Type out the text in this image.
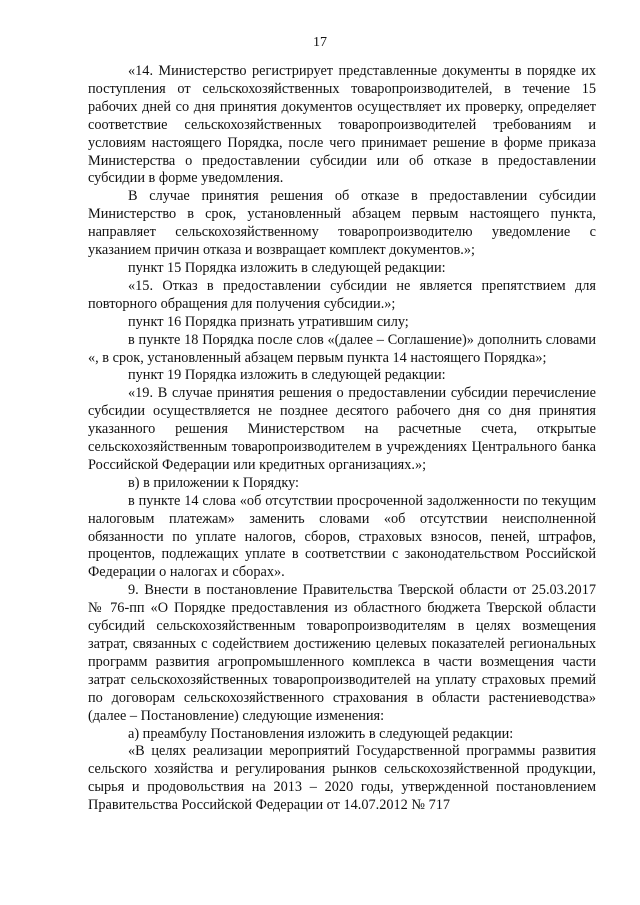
17

«14. Министерство регистрирует представленные документы в порядке их поступления от сельскохозяйственных товаропроизводителей, в течение 15 рабочих дней со дня принятия документов осуществляет их проверку, определяет соответствие сельскохозяйственных товаропроизводителей требованиям и условиям настоящего Порядка, после чего принимает решение в форме приказа Министерства о предоставлении субсидии или об отказе в предоставлении субсидии в форме уведомления.

В случае принятия решения об отказе в предоставлении субсидии Министерство в срок, установленный абзацем первым настоящего пункта, направляет сельскохозяйственному товаропроизводителю уведомление с указанием причин отказа и возвращает комплект документов.»;

пункт 15 Порядка изложить в следующей редакции:

«15. Отказ в предоставлении субсидии не является препятствием для повторного обращения для получения субсидии.»;

пункт 16 Порядка признать утратившим силу;

в пункте 18 Порядка после слов «(далее – Соглашение)» дополнить словами «, в срок, установленный абзацем первым пункта 14 настоящего Порядка»;

пункт 19 Порядка изложить в следующей редакции:

«19. В случае принятия решения о предоставлении субсидии перечисление субсидии осуществляется не позднее десятого рабочего дня со дня принятия указанного решения Министерством на расчетные счета, открытые сельскохозяйственным товаропроизводителем в учреждениях Центрального банка Российской Федерации или кредитных организациях.»;

в) в приложении к Порядку:

в пункте 14 слова «об отсутствии просроченной задолженности по текущим налоговым платежам» заменить словами «об отсутствии неисполненной обязанности по уплате налогов, сборов, страховых взносов, пеней, штрафов, процентов, подлежащих уплате в соответствии с законодательством Российской Федерации о налогах и сборах».

9. Внести в постановление Правительства Тверской области от 25.03.2017 № 76-пп «О Порядке предоставления из областного бюджета Тверской области субсидий сельскохозяйственным товаропроизводителям в целях возмещения затрат, связанных с содействием достижению целевых показателей региональных программ развития агропромышленного комплекса в части возмещения части затрат сельскохозяйственных товаропроизводителей на уплату страховых премий по договорам сельскохозяйственного страхования в области растениеводства» (далее – Постановление) следующие изменения:

а) преамбулу Постановления изложить в следующей редакции:

«В целях реализации мероприятий Государственной программы развития сельского хозяйства и регулирования рынков сельскохозяйственной продукции, сырья и продовольствия на 2013 – 2020 годы, утвержденной постановлением Правительства Российской Федерации от 14.07.2012 № 717
